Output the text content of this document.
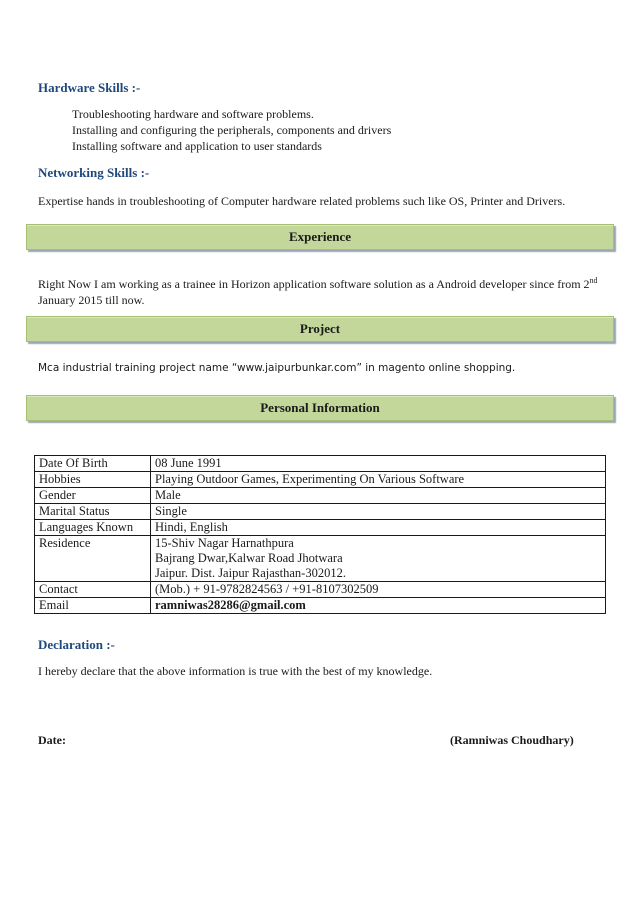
Hardware Skills :-
Troubleshooting hardware and software problems.
Installing and configuring the peripherals, components and drivers
Installing software and application to user standards
Networking Skills :-
Expertise hands in troubleshooting of Computer hardware related problems such like OS, Printer and Drivers.
Experience
Right Now I am working as a trainee in Horizon application software solution as a Android developer since from 2nd
January 2015 till now.
Project
Mca industrial training project name “www.jaipurbunkar.com” in magento online shopping.
Personal Information
Date Of Birth	08 June 1991
Hobbies	Playing Outdoor Games, Experimenting On Various Software
Gender	Male
Marital Status	Single
Languages Known	Hindi, English
Residence	15-Shiv Nagar Harnathpura
Bajrang Dwar,Kalwar Road Jhotwara
Jaipur. Dist. Jaipur Rajasthan-302012.

Contact	(Mob.) + 91-9782824563 / +91-8107302509
Email	ramniwas28286@gmail.com
Declaration :-
I hereby declare that the above information is true with the best of my knowledge.
Date:	(Ramniwas Choudhary)
